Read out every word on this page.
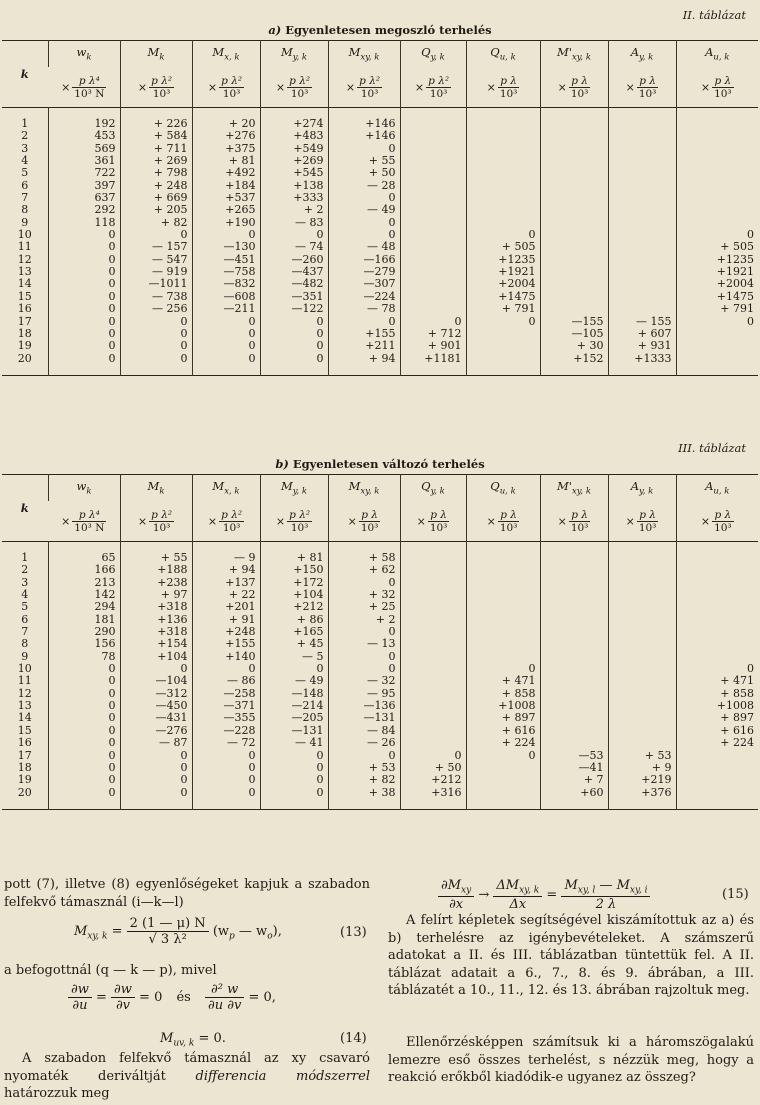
II. táblázat
a) Egyenletesen megoszló terhelés
k	$w_k$	$M_k$	$M_{x, k}$	$M_{y, k}$	$M_{xy, k}$	$Q_{y, k}$	$Q_{u, k}$	$M'_{xy, k}$	$A_{y, k}$	$A_{u, k}$
	× $\frac{\text{p λ⁴}}{\text{10³ N}}$	× $\frac{\text{p λ²}}{\text{10³}}$	× $\frac{\text{p λ²}}{\text{10³}}$	× $\frac{\text{p λ²}}{\text{10³}}$	× $\frac{\text{p λ²}}{\text{10³}}$	× $\frac{\text{p λ²}}{\text{10³}}$	× $\frac{\text{p λ}}{\text{10³}}$	× $\frac{\text{p λ}}{\text{10³}}$	× $\frac{\text{p λ}}{\text{10³}}$	× $\frac{\text{p λ}}{\text{10³}}$

1	192	+ 226	+ 20	+274	+146					
2	453	+ 584	+276	+483	+146					
3	569	+ 711	+375	+549	0					
4	361	+ 269	+ 81	+269	+ 55					
5	722	+ 798	+492	+545	+ 50					
6	397	+ 248	+184	+138	— 28					
7	637	+ 669	+537	+333	0					
8	292	+ 205	+265	+ 2	— 49					
9	118	+ 82	+190	— 83	0					
10	0	0	0	0	0		0			0
11	0	— 157	—130	— 74	— 48		+ 505			+ 505
12	0	— 547	—451	—260	—166		+1235			+1235
13	0	— 919	—758	—437	—279		+1921			+1921
14	0	—1011	—832	—482	—307		+2004			+2004
15	0	— 738	—608	—351	—224		+1475			+1475
16	0	— 256	—211	—122	— 78		+ 791			+ 791
17	0	0	0	0	0	0	0	—155	— 155	0
18	0	0	0	0	+155	+ 712		—105	+ 607	
19	0	0	0	0	+211	+ 901		+ 30	+ 931	
20	0	0	0	0	+ 94	+1181		+152	+1333	

III. táblázat
b) Egyenletesen változó terhelés
k	$w_k$	$M_k$	$M_{x, k}$	$M_{y, k}$	$M_{xy, k}$	$Q_{y, k}$	$Q_{u, k}$	$M'_{xy, k}$	$A_{y, k}$	$A_{u, k}$
	× $\frac{\text{p λ⁴}}{\text{10³ N}}$	× $\frac{\text{p λ²}}{\text{10³}}$	× $\frac{\text{p λ²}}{\text{10³}}$	× $\frac{\text{p λ²}}{\text{10³}}$	× $\frac{\text{p λ}}{\text{10³}}$	× $\frac{\text{p λ}}{\text{10³}}$	× $\frac{\text{p λ}}{\text{10³}}$	× $\frac{\text{p λ}}{\text{10³}}$	× $\frac{\text{p λ}}{\text{10³}}$	× $\frac{\text{p λ}}{\text{10³}}$

1	65	+ 55	— 9	+ 81	+ 58					
2	166	+188	+ 94	+150	+ 62					
3	213	+238	+137	+172	0					
4	142	+ 97	+ 22	+104	+ 32					
5	294	+318	+201	+212	+ 25					
6	181	+136	+ 91	+ 86	+ 2					
7	290	+318	+248	+165	0					
8	156	+154	+155	+ 45	— 13					
9	78	+104	+140	— 5	0					
10	0	0	0	0	0		0			0
11	0	—104	— 86	— 49	— 32		+ 471			+ 471
12	0	—312	—258	—148	— 95		+ 858			+ 858
13	0	—450	—371	—214	—136		+1008			+1008
14	0	—431	—355	—205	—131		+ 897			+ 897
15	0	—276	—228	—131	— 84		+ 616			+ 616
16	0	— 87	— 72	— 41	— 26		+ 224			+ 224
17	0	0	0	0	0	0	0	—53	+ 53	
18	0	0	0	0	+ 53	+ 50		—41	+ 9	
19	0	0	0	0	+ 82	+212		+ 7	+219	
20	0	0	0	0	+ 38	+316		+60	+376	

pott (7), illetve (8) egyenlőségeket kapjuk a szabadon felfekvő támasznál (i—k—l)
$M_{xy, k} = \frac{2 (1 — \mu) N}{\text{√ 3 λ²}} (w_p$ — $w_o$),	(13)
a befogottnál (q — k — p), mivel
$\frac{\partial w}{\partial u} = \frac{\partial w}{\partial v} = 0$ és $\frac{\text{∂² w}}{\partial u \partial v} = 0$,
$M_{uv, k} = 0$.	(14)
A szabadon felfekvő támasznál az xy csavaró nyomaték deriváltját differencia módszerrel határozzuk meg
$\partial M_{xy}$
∂x
→
$\Delta M_{xy, k}$
Δx
=
$M_{xy, l}$ — $M_{xy, i}$
2 λ
(15)
A felírt képletek segítségével kiszámítottuk az a) és b) terhelésre az igénybevételeket. A számszerű adatokat a II. és III. táblázatban tüntettük fel. A II. táblázat adatait a 6., 7., 8. és 9. ábrában, a III. táblázatét a 10., 11., 12. és 13. ábrában rajzoltuk meg.
Ellenőrzésképpen számítsuk ki a háromszögalakú lemezre eső összes terhelést, s nézzük meg, hogy a reakció erőkből kiadódik-e ugyanez az összeg?
